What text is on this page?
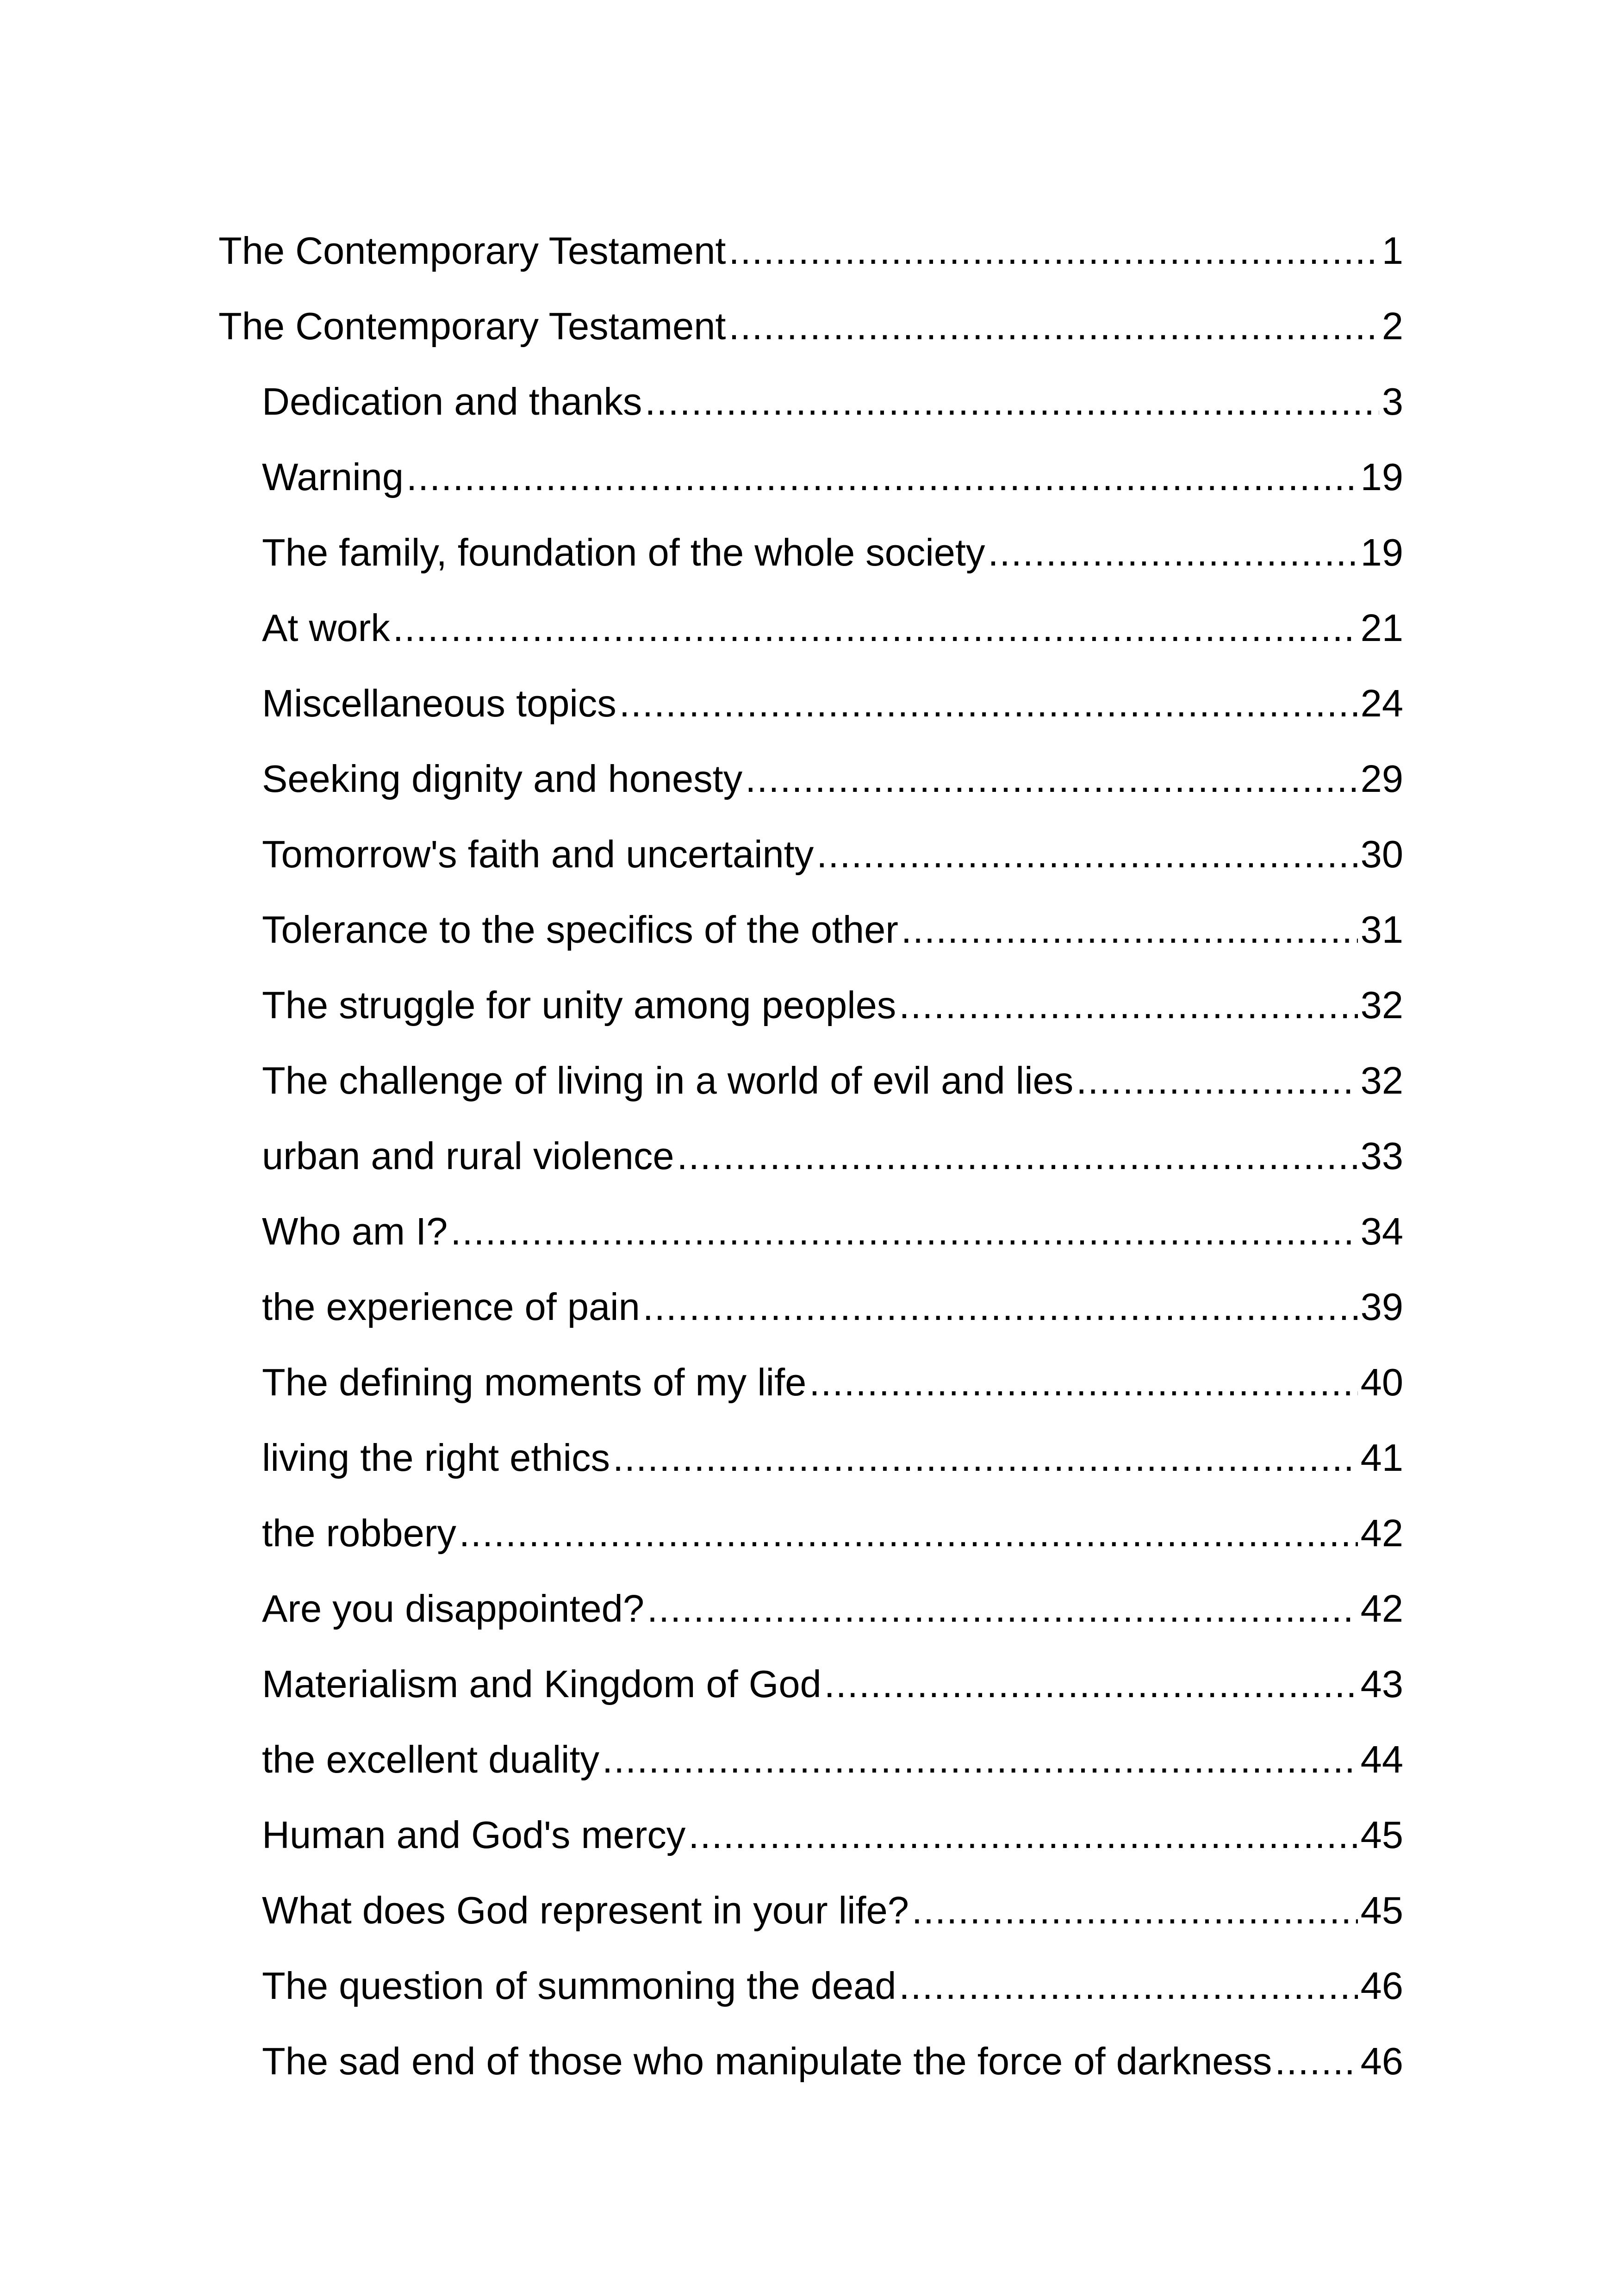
The Contemporary Testament .....	1
The Contemporary Testament .....	2
Dedication and thanks .....	3
Warning .....	19
The family, foundation of the whole society .....	19
At work .....	21
Miscellaneous topics .....	24
Seeking dignity and honesty .....	29
Tomorrow's faith and uncertainty .....	30
Tolerance to the specifics of the other .....	31
The struggle for unity among peoples .....	32
The challenge of living in a world of evil and lies .....	32
urban and rural violence .....	33
Who am I? .....	34
the experience of pain .....	39
The defining moments of my life .....	40
living the right ethics .....	41
the robbery .....	42
Are you disappointed? .....	42
Materialism and Kingdom of God .....	43
the excellent duality .....	44
Human and God's mercy .....	45
What does God represent in your life? .....	45
The question of summoning the dead .....	46
The sad end of those who manipulate the force of darkness ..... 46
